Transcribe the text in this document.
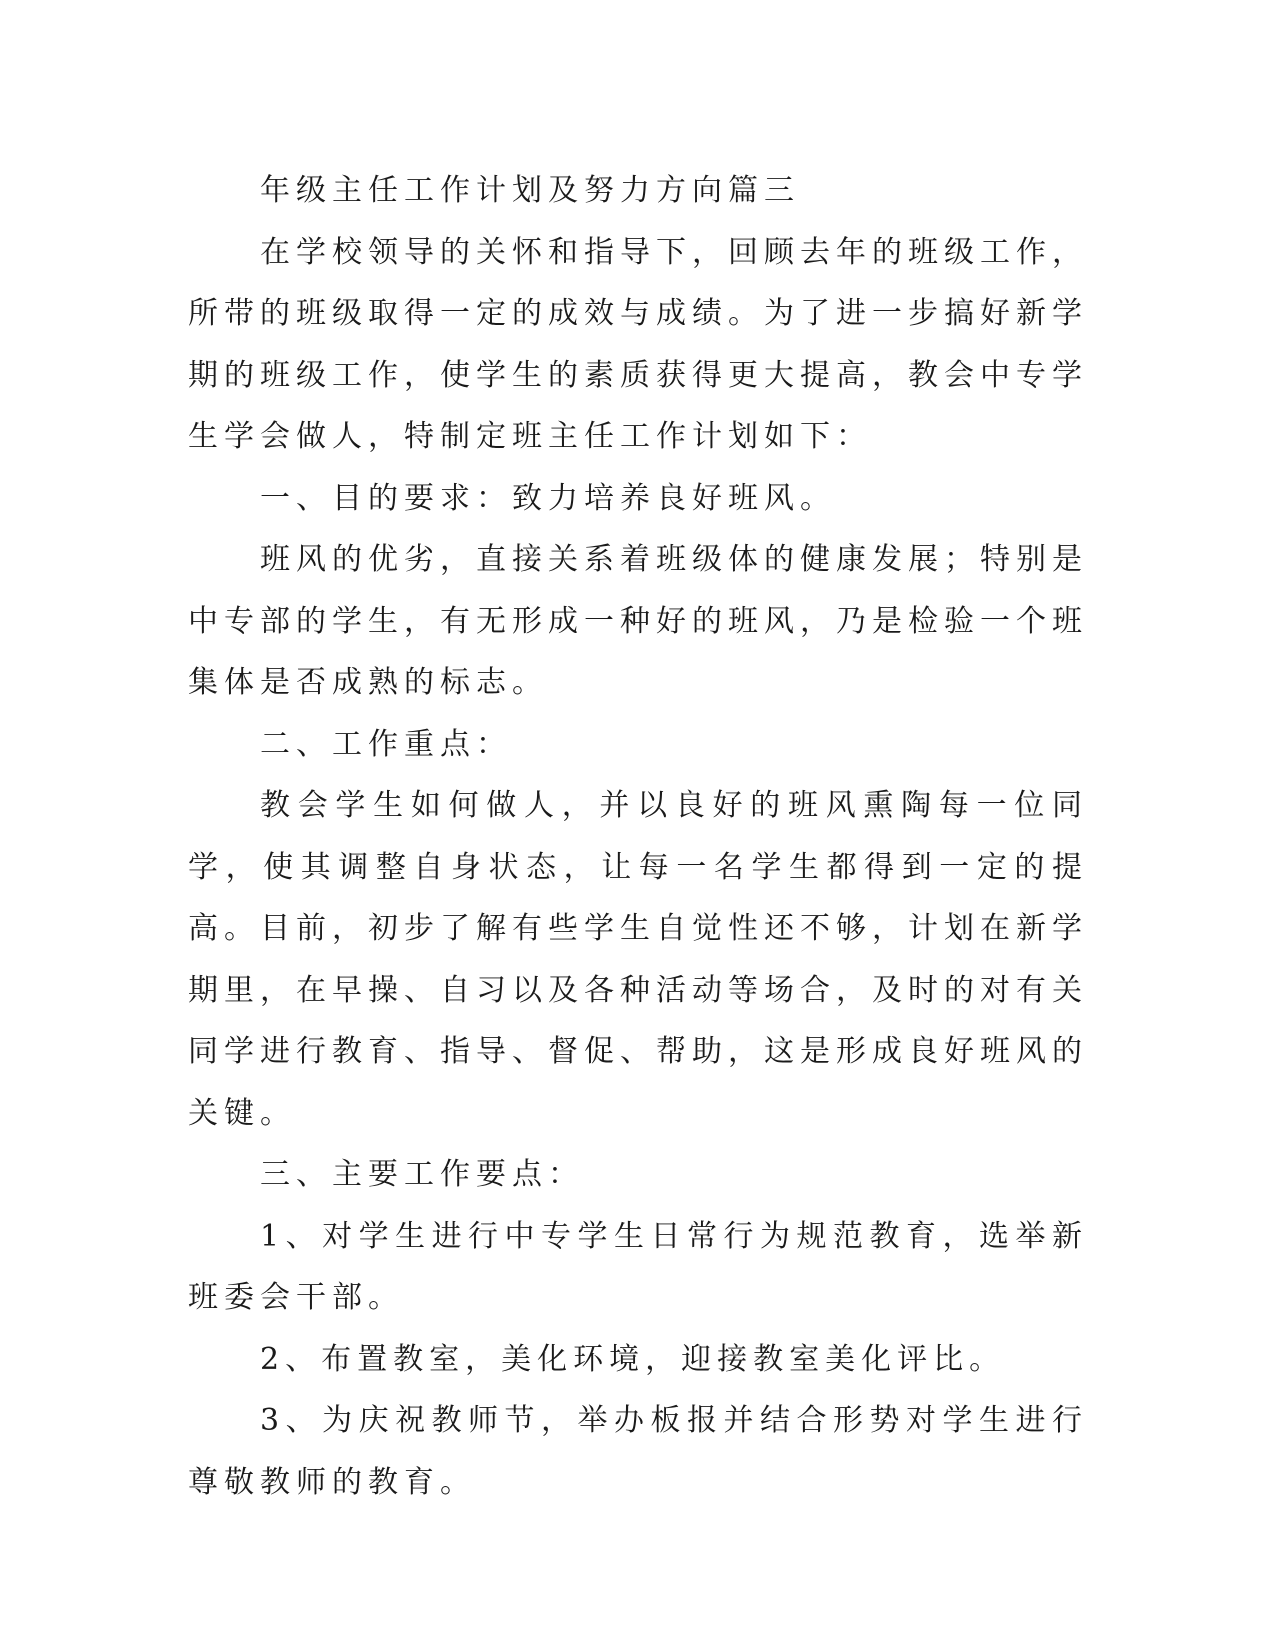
年级主任工作计划及努力方向篇三

在学校领导的关怀和指导下，回顾去年的班级工作，所带的班级取得一定的成效与成绩。为了进一步搞好新学期的班级工作，使学生的素质获得更大提高，教会中专学生学会做人，特制定班主任工作计划如下：

一、目的要求：致力培养良好班风。

班风的优劣，直接关系着班级体的健康发展；特别是中专部的学生，有无形成一种好的班风，乃是检验一个班集体是否成熟的标志。

二、工作重点：

教会学生如何做人，并以良好的班风熏陶每一位同学，使其调整自身状态，让每一名学生都得到一定的提高。目前，初步了解有些学生自觉性还不够，计划在新学期里，在早操、自习以及各种活动等场合，及时的对有关同学进行教育、指导、督促、帮助，这是形成良好班风的关键。

三、主要工作要点：

1、对学生进行中专学生日常行为规范教育，选举新班委会干部。

2、布置教室，美化环境，迎接教室美化评比。

3、为庆祝教师节，举办板报并结合形势对学生进行尊敬教师的教育。
